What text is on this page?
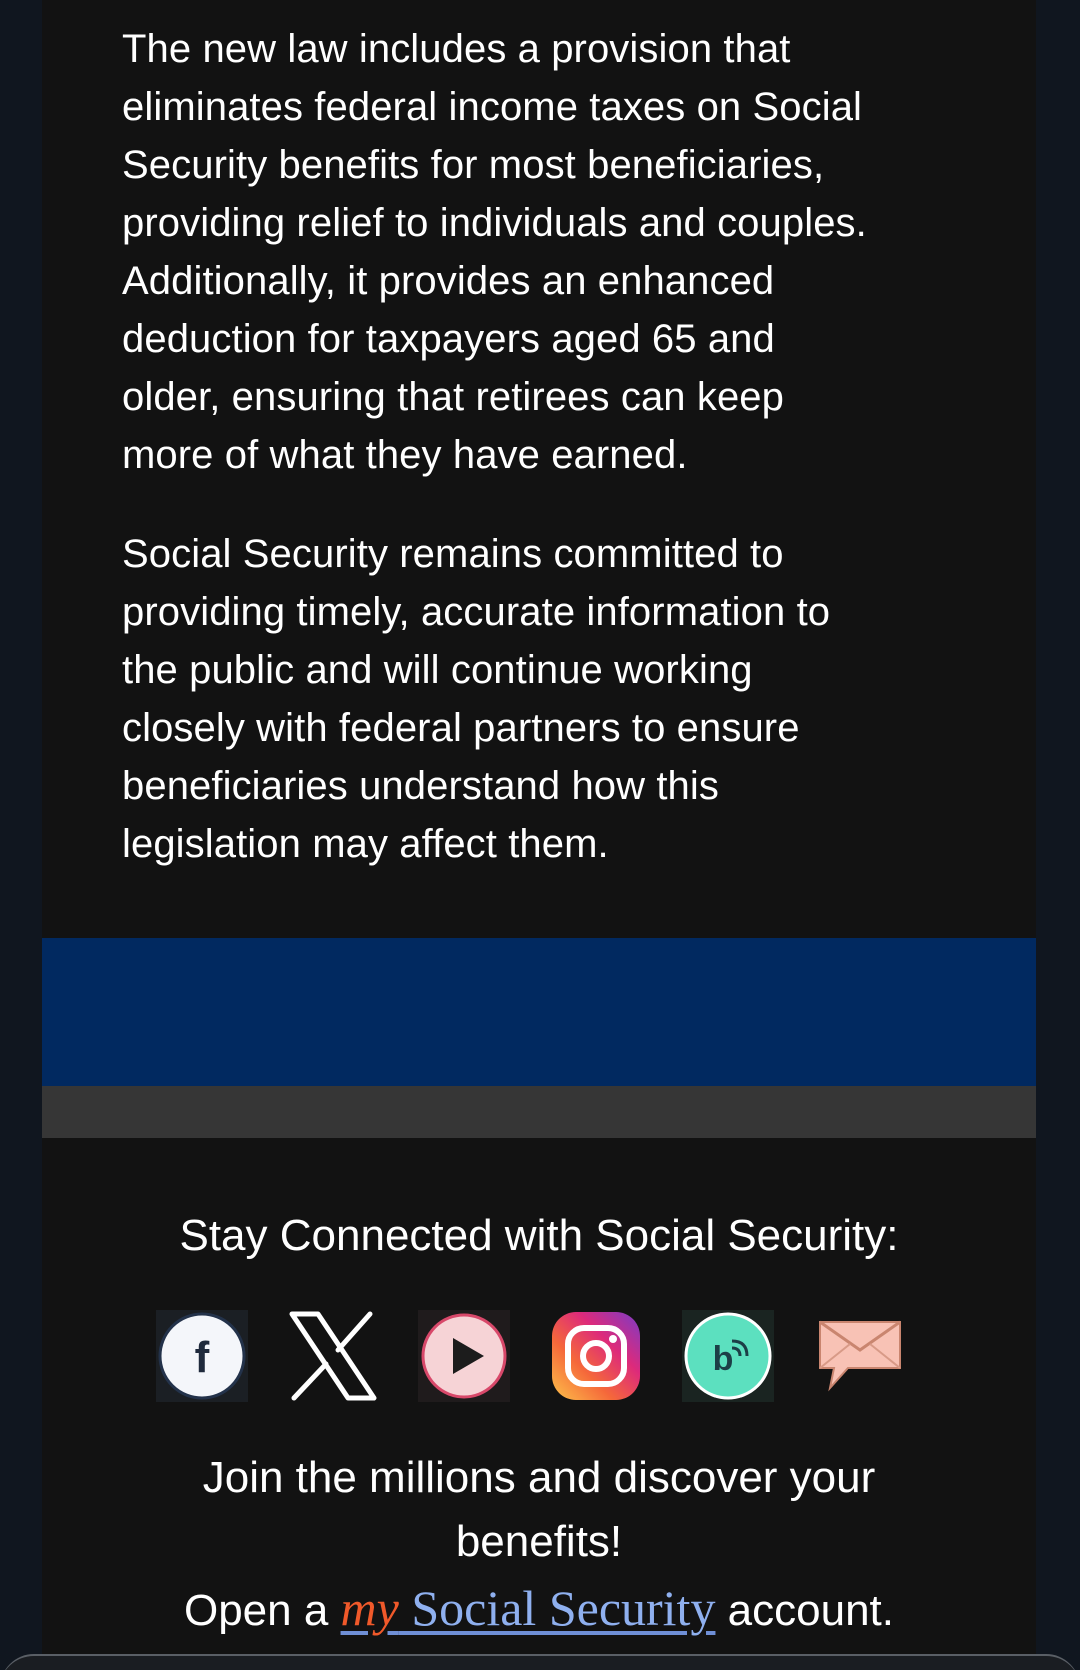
The new law includes a provision that
eliminates federal income taxes on Social
Security benefits for most beneficiaries,
providing relief to individuals and couples.
Additionally, it provides an enhanced
deduction for taxpayers aged 65 and
older, ensuring that retirees can keep
more of what they have earned.

Social Security remains committed to
providing timely, accurate information to
the public and will continue working
closely with federal partners to ensure
beneficiaries understand how this
legislation may affect them.

Stay Connected with Social Security:

f	b

Join the millions and discover your
benefits!

Open a my Social Security account.
